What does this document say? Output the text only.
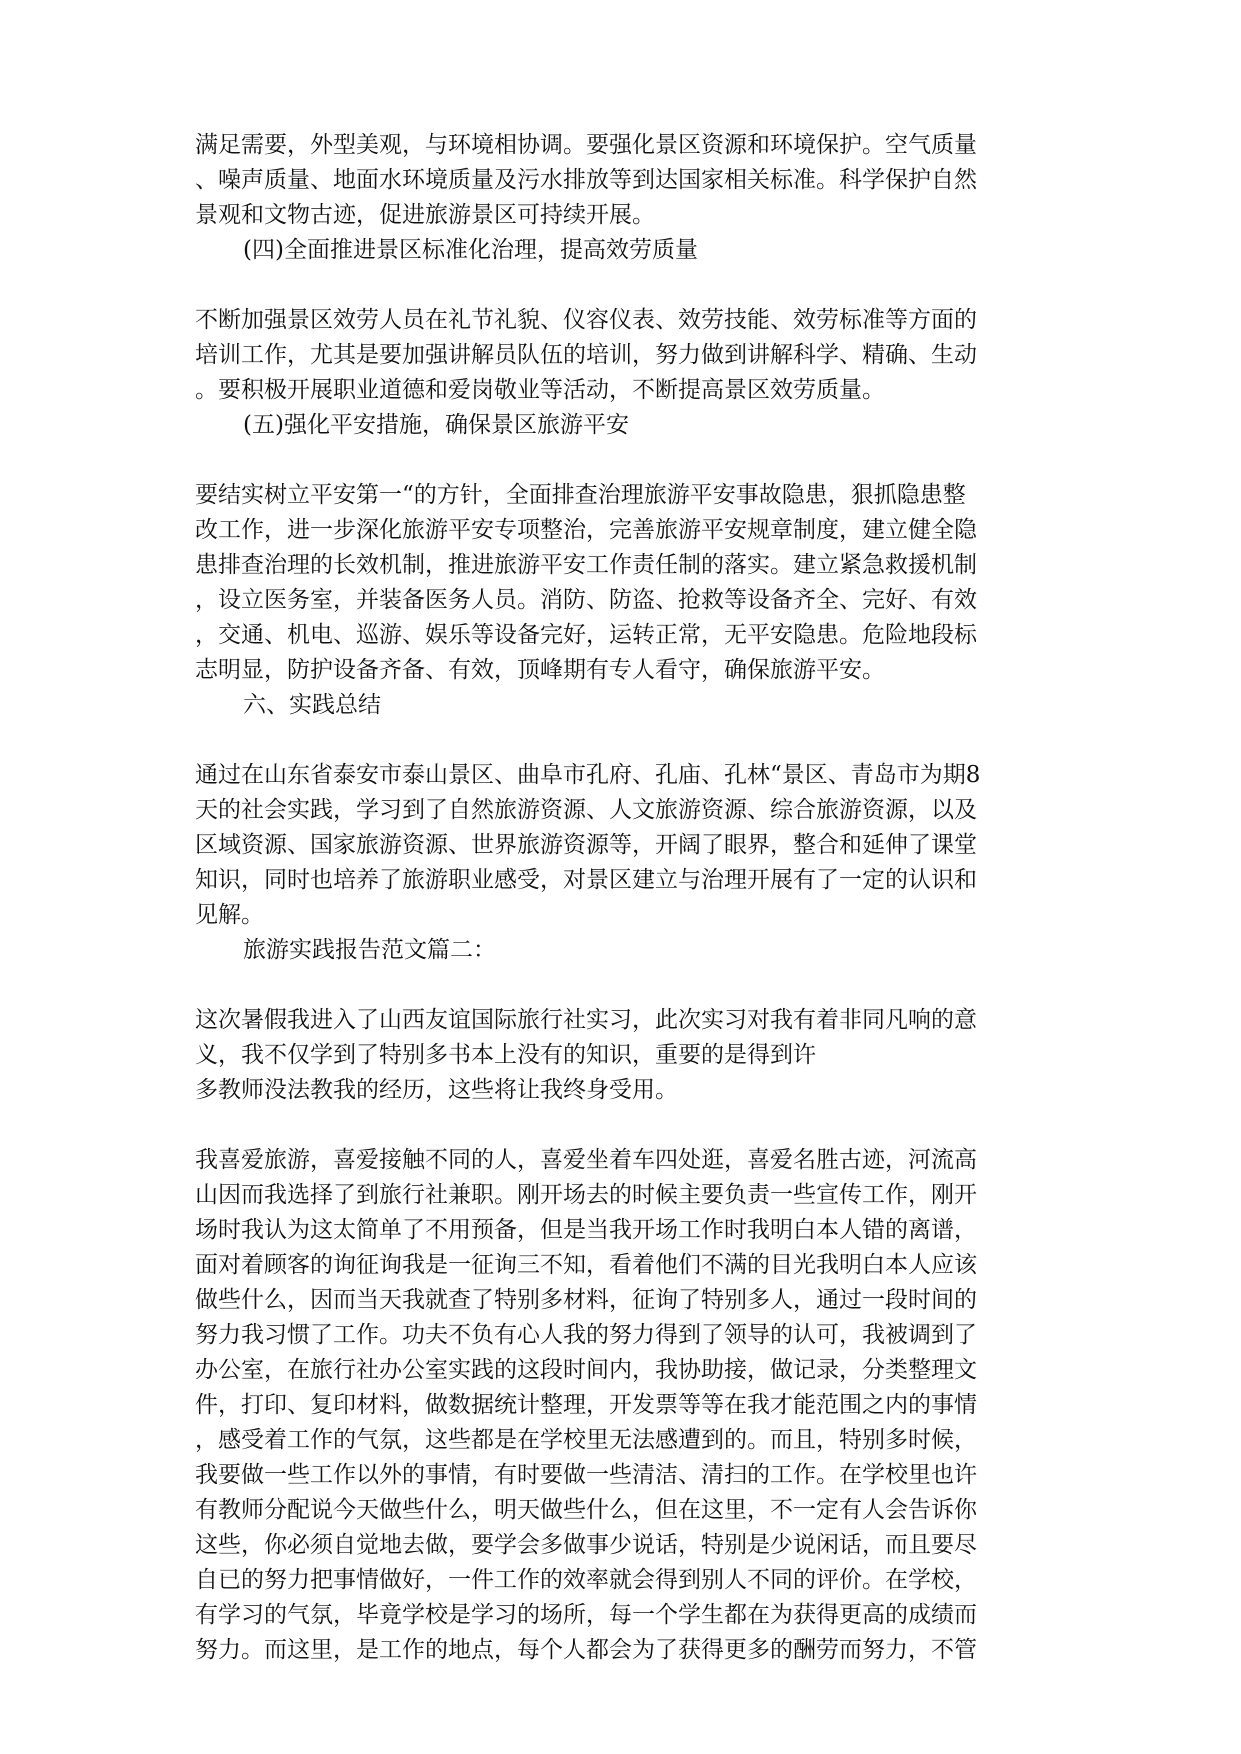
满足需要，外型美观，与环境相协调。要强化景区资源和环境保护。空气质量

、噪声质量、地面水环境质量及污水排放等到达国家相关标准。科学保护自然

景观和文物古迹，促进旅游景区可持续开展。

(四)全面推进景区标准化治理，提高效劳质量

不断加强景区效劳人员在礼节礼貌、仪容仪表、效劳技能、效劳标准等方面的

培训工作，尤其是要加强讲解员队伍的培训，努力做到讲解科学、精确、生动

。要积极开展职业道德和爱岗敬业等活动，不断提高景区效劳质量。

(五)强化平安措施，确保景区旅游平安

要结实树立平安第一“的方针，全面排查治理旅游平安事故隐患，狠抓隐患整

改工作，进一步深化旅游平安专项整治，完善旅游平安规章制度，建立健全隐

患排查治理的长效机制，推进旅游平安工作责任制的落实。建立紧急救援机制

，设立医务室，并装备医务人员。消防、防盗、抢救等设备齐全、完好、有效

，交通、机电、巡游、娱乐等设备完好，运转正常，无平安隐患。危险地段标

志明显，防护设备齐备、有效，顶峰期有专人看守，确保旅游平安。

六、实践总结

通过在山东省泰安市泰山景区、曲阜市孔府、孔庙、孔林“景区、青岛市为期8

天的社会实践，学习到了自然旅游资源、人文旅游资源、综合旅游资源，以及

区域资源、国家旅游资源、世界旅游资源等，开阔了眼界，整合和延伸了课堂

知识，同时也培养了旅游职业感受，对景区建立与治理开展有了一定的认识和

见解。

旅游实践报告范文篇二：

这次暑假我进入了山西友谊国际旅行社实习，此次实习对我有着非同凡响的意

义，我不仅学到了特别多书本上没有的知识，重要的是得到许

多教师没法教我的经历，这些将让我终身受用。

我喜爱旅游，喜爱接触不同的人，喜爱坐着车四处逛，喜爱名胜古迹，河流高

山因而我选择了到旅行社兼职。刚开场去的时候主要负责一些宣传工作，刚开

场时我认为这太简单了不用预备，但是当我开场工作时我明白本人错的离谱，

面对着顾客的询征询我是一征询三不知，看着他们不满的目光我明白本人应该

做些什么，因而当天我就查了特别多材料，征询了特别多人，通过一段时间的

努力我习惯了工作。功夫不负有心人我的努力得到了领导的认可，我被调到了

办公室，在旅行社办公室实践的这段时间内，我协助接，做记录，分类整理文

件，打印、复印材料，做数据统计整理，开发票等等在我才能范围之内的事情

，感受着工作的气氛，这些都是在学校里无法感遭到的。而且，特别多时候，

我要做一些工作以外的事情，有时要做一些清洁、清扫的工作。在学校里也许

有教师分配说今天做些什么，明天做些什么，但在这里，不一定有人会告诉你

这些，你必须自觉地去做，要学会多做事少说话，特别是少说闲话，而且要尽

自已的努力把事情做好，一件工作的效率就会得到别人不同的评价。在学校，

有学习的气氛，毕竟学校是学习的场所，每一个学生都在为获得更高的成绩而

努力。而这里，是工作的地点，每个人都会为了获得更多的酬劳而努力，不管
